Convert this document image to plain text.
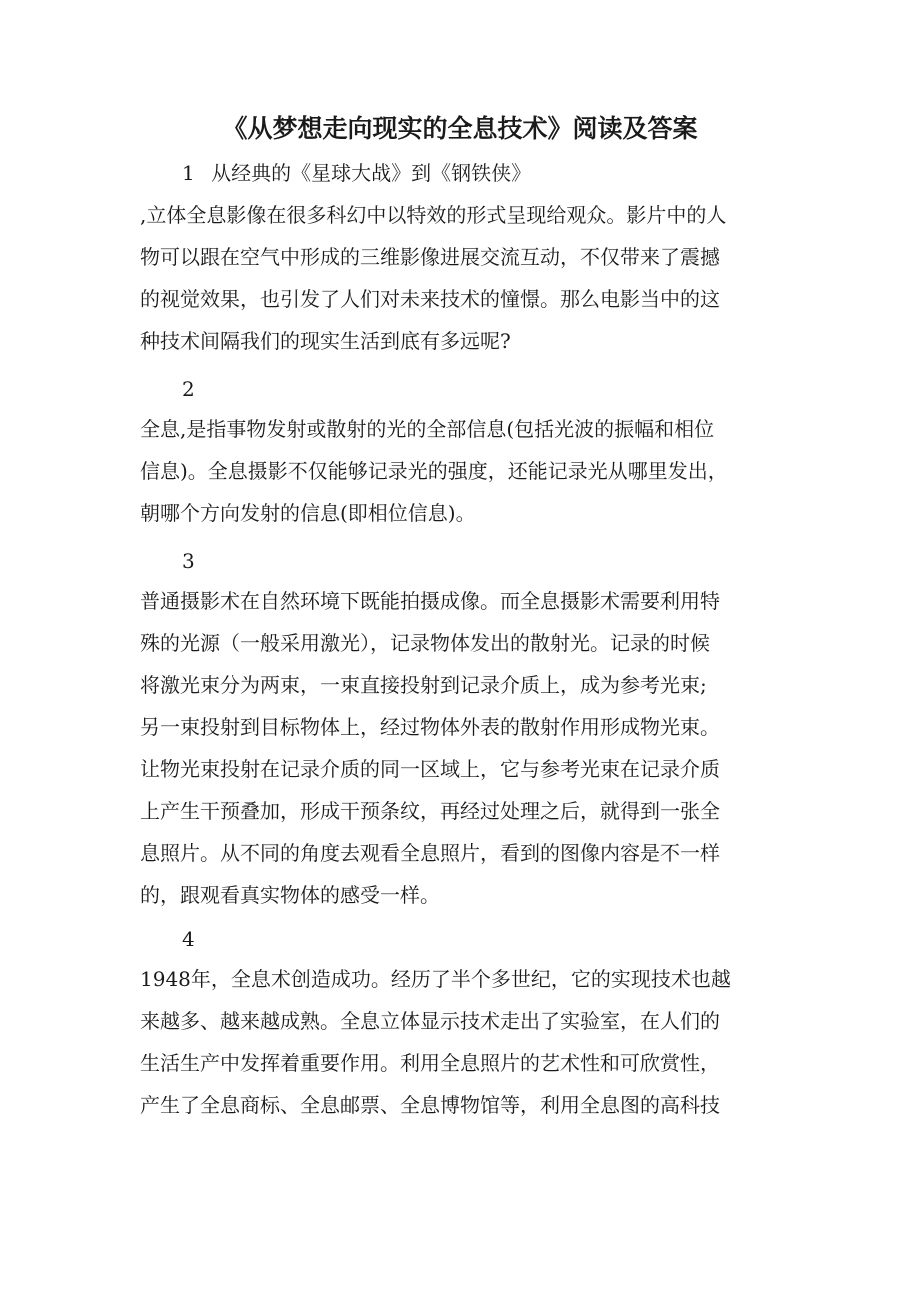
《从梦想走向现实的全息技术》阅读及答案
1 从经典的《星球大战》到《钢铁侠》
,立体全息影像在很多科幻中以特效的形式呈现给观众。影片中的人
物可以跟在空气中形成的三维影像进展交流互动，不仅带来了震撼
的视觉效果，也引发了人们对未来技术的憧憬。那么电影当中的这
种技术间隔我们的现实生活到底有多远呢?
2
全息,是指事物发射或散射的光的全部信息(包括光波的振幅和相位
信息)。全息摄影不仅能够记录光的强度，还能记录光从哪里发出，
朝哪个方向发射的信息(即相位信息)。
3
普通摄影术在自然环境下既能拍摄成像。而全息摄影术需要利用特
殊的光源（一般采用激光），记录物体发出的散射光。记录的时候
将激光束分为两束，一束直接投射到记录介质上，成为参考光束;
另一束投射到目标物体上，经过物体外表的散射作用形成物光束。
让物光束投射在记录介质的同一区域上，它与参考光束在记录介质
上产生干预叠加，形成干预条纹，再经过处理之后，就得到一张全
息照片。从不同的角度去观看全息照片，看到的图像内容是不一样
的，跟观看真实物体的感受一样。
4
1948年，全息术创造成功。经历了半个多世纪，它的实现技术也越
来越多、越来越成熟。全息立体显示技术走出了实验室，在人们的
生活生产中发挥着重要作用。利用全息照片的艺术性和可欣赏性，
产生了全息商标、全息邮票、全息博物馆等，利用全息图的高科技
